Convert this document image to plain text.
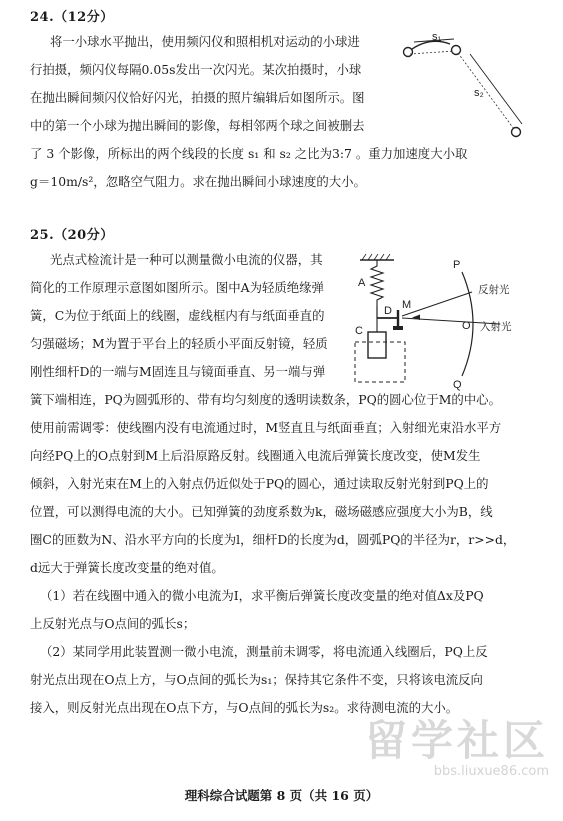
24.（12分）
将一小球水平抛出，使用频闪仪和照相机对运动的小球进
行拍摄，频闪仪每隔0.05s发出一次闪光。某次拍摄时，小球
在抛出瞬间频闪仪恰好闪光，拍摄的照片编辑后如图所示。图
中的第一个小球为抛出瞬间的影像，每相邻两个球之间被删去
了 3 个影像，所标出的两个线段的长度 s₁ 和 s₂ 之比为3:7 。重力加速度大小取
g＝10m/s²，忽略空气阻力。求在抛出瞬间小球速度的大小。
s₁
s₂
25.（20分）
光点式检流计是一种可以测量微小电流的仪器，其
简化的工作原理示意图如图所示。图中A为轻质绝缘弹
簧，C为位于纸面上的线圈，虚线框内有与纸面垂直的
匀强磁场；M为置于平台上的轻质小平面反射镜，轻质
刚性细杆D的一端与M固连且与镜面垂直、另一端与弹
簧下端相连，PQ为圆弧形的、带有均匀刻度的透明读数条，PQ的圆心位于M的中心。
使用前需调零：使线圈内没有电流通过时，M竖直且与纸面垂直；入射细光束沿水平方
向经PQ上的O点射到M上后沿原路反射。线圈通入电流后弹簧长度改变，使M发生
倾斜，入射光束在M上的入射点仍近似处于PQ的圆心，通过读取反射光射到PQ上的
位置，可以测得电流的大小。已知弹簧的劲度系数为k，磁场磁感应强度大小为B，线
圈C的匝数为N、沿水平方向的长度为l，细杆D的长度为d，圆弧PQ的半径为r，r>>d，
d远大于弹簧长度改变量的绝对值。
（1）若在线圈中通入的微小电流为I，求平衡后弹簧长度改变量的绝对值Δx及PQ
上反射光点与O点间的弧长s；
（2）某同学用此装置测一微小电流，测量前未调零，将电流通入线圈后，PQ上反
射光点出现在O点上方，与O点间的弧长为s₁；保持其它条件不变，只将该电流反向
接入，则反射光点出现在O点下方，与O点间的弧长为s₂。求待测电流的大小。
A
D M
C
P
O
Q
反射光
入射光
理科综合试题第 8 页（共 16 页）
留学社区
bbs.liuxue86.com
